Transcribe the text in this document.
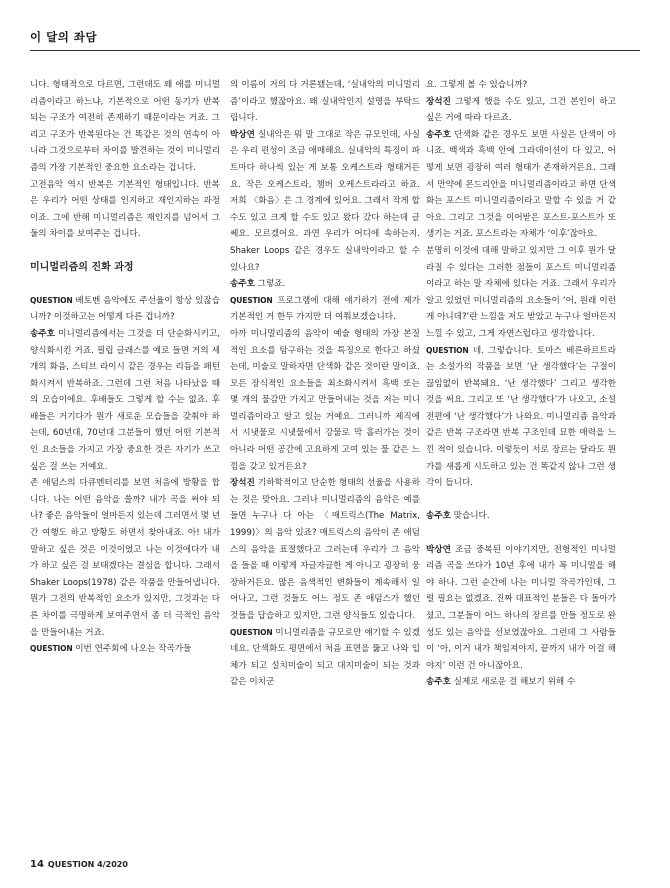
이 달의 좌담

니다. 형태적으로 다르면, 그런데도 왜 애를 미니멀리즘이라고 하느냐, 기본적으로 어떤 동기가 반복되는 구조가 여전히 존재하기 때문이라는 거죠. 그리고 구조가 반복된다는 건 똑같은 것의 연속이 아니라 그것으로부터 차이를 발견하는 것이 미니멀리즘의 가장 기본적인 중요한 요소라는 겁니다.

고전음악 역시 반복은 기본적인 형태입니다. 반복은 우리가 어떤 상태를 인지하고 재인지하는 과정이죠. 그에 반해 미니멀리즘은 재인지를 넘어서 그 둘의 차이를 보여주는 겁니다.

미니멀리즘의 진화 과정

QUESTION 베토벤 음악에도 주선율이 항상 있잖습니까? 이것하고는 어떻게 다른 겁니까?

송주호 미니멀리즘에서는 그것을 더 단순화시키고, 양식화시킨 거죠. 필립 글래스를 예로 들면 거의 세 개의 화음, 스티브 라이시 같은 경우는 리듬을 패턴화시켜서 반복하죠. 그런데 그런 처음 나타났을 때의 모습이에요. 후배들도 그렇게 할 수는 없죠. 후배들은 거기다가 뭔가 새로운 모습들을 갖춰야 하는데, 60년대, 70년대 그분들이 했던 어떤 기본적인 요소들을 가지고 가장 중요한 것은 자기가 쓰고 싶은 걸 쓰는 거예요.

존 애덤스의 다큐멘터리를 보면 처음에 방황을 합니다. 나는 어떤 음악을 쓸까? 내가 곡을 써야 되나? 좋은 음악들이 얼마든지 있는데 그러면서 몇 년 간 여행도 하고 방황도 하면서 찾아내죠. 아! 내가 말하고 싶은 것은 이것이었고 나는 이것에다가 내가 하고 싶은 걸 보태겠다는 결심을 합니다. 그래서 Shaker Loops(1978) 같은 작품을 만들어냅니다. 뭔가 그전의 반복적인 요소가 있지만, 그것과는 다른 차이를 극명하게 보여주면서 좀 더 극적인 음악을 만들어내는 거죠.

QUESTION 이번 연주회에 나오는 작곡가들

의 이름이 거의 다 거론됐는데, ‘실내악의 미니멀리즘’이라고 했잖아요. 왜 실내악인지 설명을 부탁드립니다.

박상연 실내악은 뭐 말 그대로 작은 규모인데, 사실은 우리 편성이 조금 애매해요. 실내악의 특징이 파트마다 하나씩 있는 게 보통 오케스트라 형태거든요. 작은 오케스트라, 챔버 오케스트라라고 하죠. 저희 〈화음〉은 그 경계에 있어요. 그래서 작게 할 수도 있고 크게 할 수도 있고 왔다 갔다 하는데 글쎄요. 모르겠어요. 과연 우리가 어디에 속하는지. Shaker Loops 같은 경우도 실내악이라고 할 수 있나요?

송주호 그렇죠.

QUESTION 프로그램에 대해 얘기하기 전에 제가 기본적인 거 한두 가지만 더 여쭤보겠습니다.

아까 미니멀리즘의 음악이 예술 형태의 가장 본질적인 요소를 탐구하는 것을 특징으로 한다고 하셨는데, 미술로 말하자면 단색화 같은 것이란 말이죠. 모든 장식적인 요소들을 최소화시켜서 흑백 또는 몇 개의 물감만 가지고 만들어내는 것을 저는 미니멀리즘이라고 알고 있는 거예요. 그러니까 제직에서 시냇물로 시냇물에서 강물로 막 흘러가는 것이 아니라 어떤 공간에 고요하게 고여 있는 물 같은 느낌을 갖고 있거든요?

장석진 기하학적이고 단순한 형태의 선율을 사용하는 것은 맞아요. 그러나 미니멀리즘의 음악은 예를 들면 누구나 다 아는 〈매트릭스(The Matrix, 1999)〉의 음악 있죠? 매트릭스의 음악이 존 애덤스의 음악을 표절했다고 그러는데 우리가 그 음악을 들을 때 이렇게 자글자글한 게 아니고 굉장히 웅장하거든요. 많은 음색적인 변화들이 계속해서 일어나고, 그런 것들도 어느 정도 존 애덤스가 했던 것들을 답습하고 있지만, 그런 양식들도 있습니다.

QUESTION 미니멀리즘을 규모로만 얘기할 수 있겠네요. 단색화도 평면에서 처음 표면을 뚫고 나와 입체가 되고 설치미술이 되고 대지미술이 되는 것과 같은 이치군

요. 그렇게 볼 수 있습니까?

장석진 그렇게 했을 수도 있고, 그건 본인이 하고 싶은 거에 따라 다르죠.

송주호 단색화 같은 경우도 보면 사실은 단색이 아니죠. 백색과 흑백 안에 그라데이션이 다 있고, 어떻게 보면 굉장히 여러 형태가 존재하거든요. 그래서 만약에 몬드리안을 미니멀리즘이라고 하면 단색화는 포스트 미니멀리즘이라고 말할 수 있을 거 같아요. 그리고 그것을 이어받은 포스트-포스트가 또 생기는 거죠. 포스트라는 자체가 ‘이후’잖아요.

분명히 이것에 대해 말하고 있지만 그 이후 뭔가 달라질 수 있다는 그러한 점들이 포스트 미니멀리즘이라고 하는 말 자체에 있다는 거죠. 그래서 우리가 알고 있었던 미니멀리즘의 요소들이 ‘어, 원래 이런 게 아니데?’란 느낌을 저도 받았고 누구나 얼마든지 느낄 수 있고, 그게 자연스럽다고 생각합니다.

QUESTION 네. 그렇습니다. 토마스 베른하르트라는 소설가의 작품을 보면 ‘난 생각했다’는 구절이 끊임없이 반복돼요. ‘난 생각했다’ 그리고 생각한 것을 써요. 그리고 또 ‘난 생각했다’가 나오고, 소설 전편에 ‘난 생각했다’가 나와요. 미니멀리즘 음악과 같은 반복 구조라면 반복 구조인데 묘한 매력을 느낀 적이 있습니다. 이렇듯이 서로 장르는 달라도 뭔가를 새롭게 시도하고 있는 건 똑같지 않나 그런 생각이 듭니다.

송주호 맞습니다.

박상연 조금 중복된 이야기지만, 전형적인 미니멀리즘 곡을 쓰다가 10년 후에 내가 꼭 미니멀을 해야 하나. 그런 순간에 나는 미니멀 작곡가인데, 그럴 필요는 없겠죠. 진짜 대표적인 분들은 다 돌아가셨고, 그분들이 어느 하나의 장르를 만들 정도로 완성도 있는 음악을 선보였잖아요. 그런데 그 사람들이 ‘아, 이거 내가 책임져야지, 끝까지 내가 이걸 해야지’ 이런 건 아니잖아요.

송주호 실제로 새로운 걸 해보기 위해 수

14 QUESTION 4/2020
